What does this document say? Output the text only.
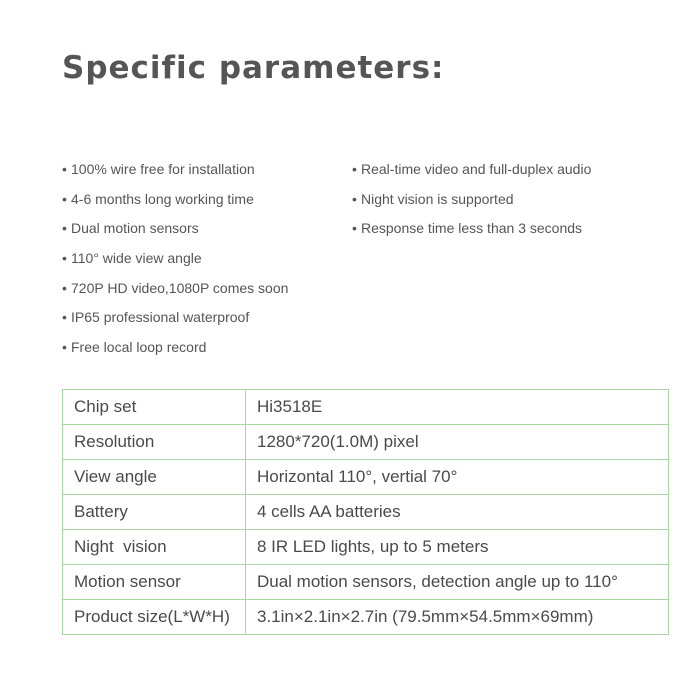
Specific parameters:
• 100% wire free for installation
• 4-6 months long working time
• Dual motion sensors
• 110° wide view angle
• 720P HD video,1080P comes soon
• IP65 professional waterproof
• Free local loop record
• Real-time video and full-duplex audio
• Night vision is supported
• Response time less than 3 seconds
Chip set	Hi3518E
Resolution	1280*720(1.0M) pixel
View angle	Horizontal 110°, vertial 70°
Battery	4 cells AA batteries
Night  vision	8 IR LED lights, up to 5 meters
Motion sensor	Dual motion sensors, detection angle up to 110°
Product size(L*W*H)	3.1in×2.1in×2.7in (79.5mm×54.5mm×69mm)
